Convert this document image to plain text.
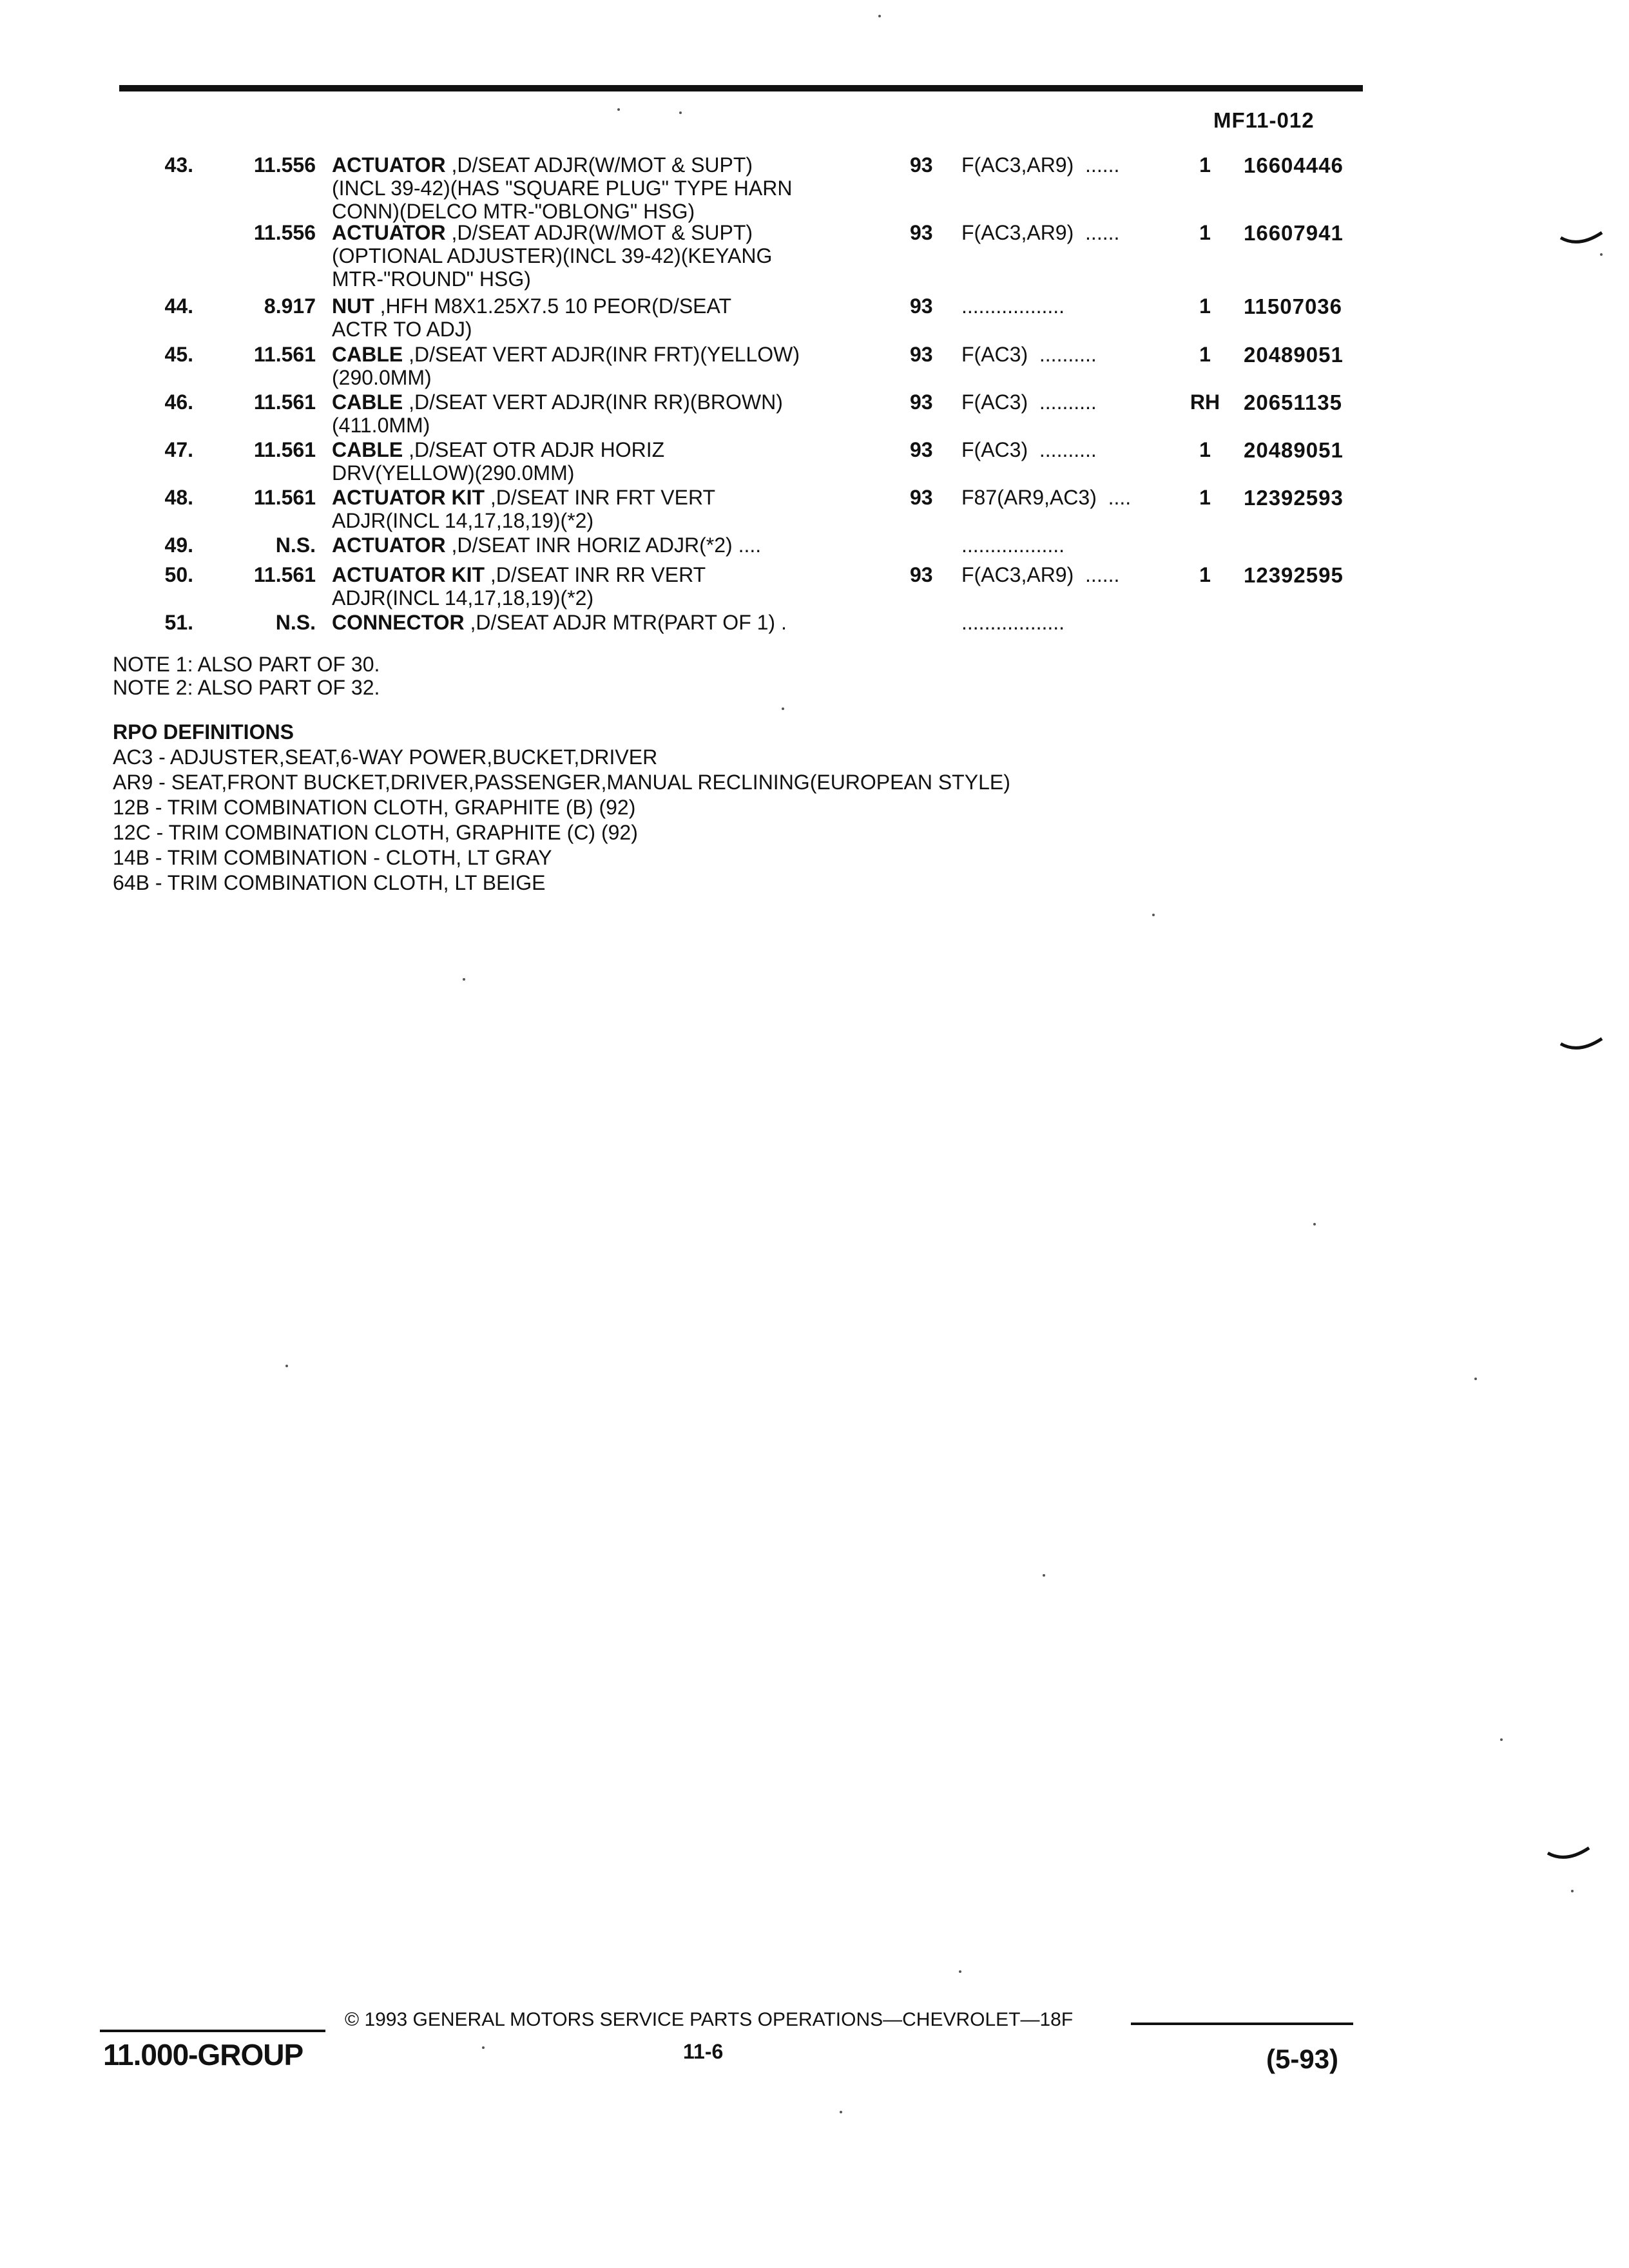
MF11-012
43.	11.556 ACTUATOR ,D/SEAT ADJR(W/MOT & SUPT)
(INCL 39-42)(HAS "SQUARE PLUG" TYPE HARN
CONN)(DELCO MTR-"OBLONG" HSG)
93 F(AC3,AR9)  ......	1	16604446
11.556 ACTUATOR ,D/SEAT ADJR(W/MOT & SUPT)
(OPTIONAL ADJUSTER)(INCL 39-42)(KEYANG
MTR-"ROUND" HSG)
93 F(AC3,AR9)  ......	1	16607941
44.	8.917 NUT ,HFH M8X1.25X7.5 10 PEOR(D/SEAT
ACTR TO ADJ)
93 ..................	1	11507036
45.	11.561 CABLE ,D/SEAT VERT ADJR(INR FRT)(YELLOW)
(290.0MM)
93 F(AC3)  ..........	1	20489051
46.	11.561 CABLE ,D/SEAT VERT ADJR(INR RR)(BROWN)
(411.0MM)
93 F(AC3)  ..........	RH 20651135
47.	11.561 CABLE ,D/SEAT OTR ADJR HORIZ
DRV(YELLOW)(290.0MM)
93 F(AC3)  ..........	1	20489051
48.	11.561 ACTUATOR KIT ,D/SEAT INR FRT VERT
ADJR(INCL 14,17,18,19)(*2)
93 F87(AR9,AC3)  ....	1	12392593
49.	N.S. ACTUATOR ,D/SEAT INR HORIZ ADJR(*2) ....	..................
50.	11.561 ACTUATOR KIT ,D/SEAT INR RR VERT
ADJR(INCL 14,17,18,19)(*2)
93 F(AC3,AR9)  ......	1	12392595
51.	N.S. CONNECTOR ,D/SEAT ADJR MTR(PART OF 1) .	..................
NOTE 1: ALSO PART OF 30.
NOTE 2: ALSO PART OF 32.
RPO DEFINITIONS
AC3 - ADJUSTER,SEAT,6-WAY POWER,BUCKET,DRIVER
AR9 - SEAT,FRONT BUCKET,DRIVER,PASSENGER,MANUAL RECLINING(EUROPEAN STYLE)
12B - TRIM COMBINATION CLOTH, GRAPHITE (B) (92)
12C - TRIM COMBINATION CLOTH, GRAPHITE (C) (92)
14B - TRIM COMBINATION - CLOTH, LT GRAY
64B - TRIM COMBINATION CLOTH, LT BEIGE
11.000-GROUP
© 1993 GENERAL MOTORS SERVICE PARTS OPERATIONS—CHEVROLET—18F
11-6	(5-93)
